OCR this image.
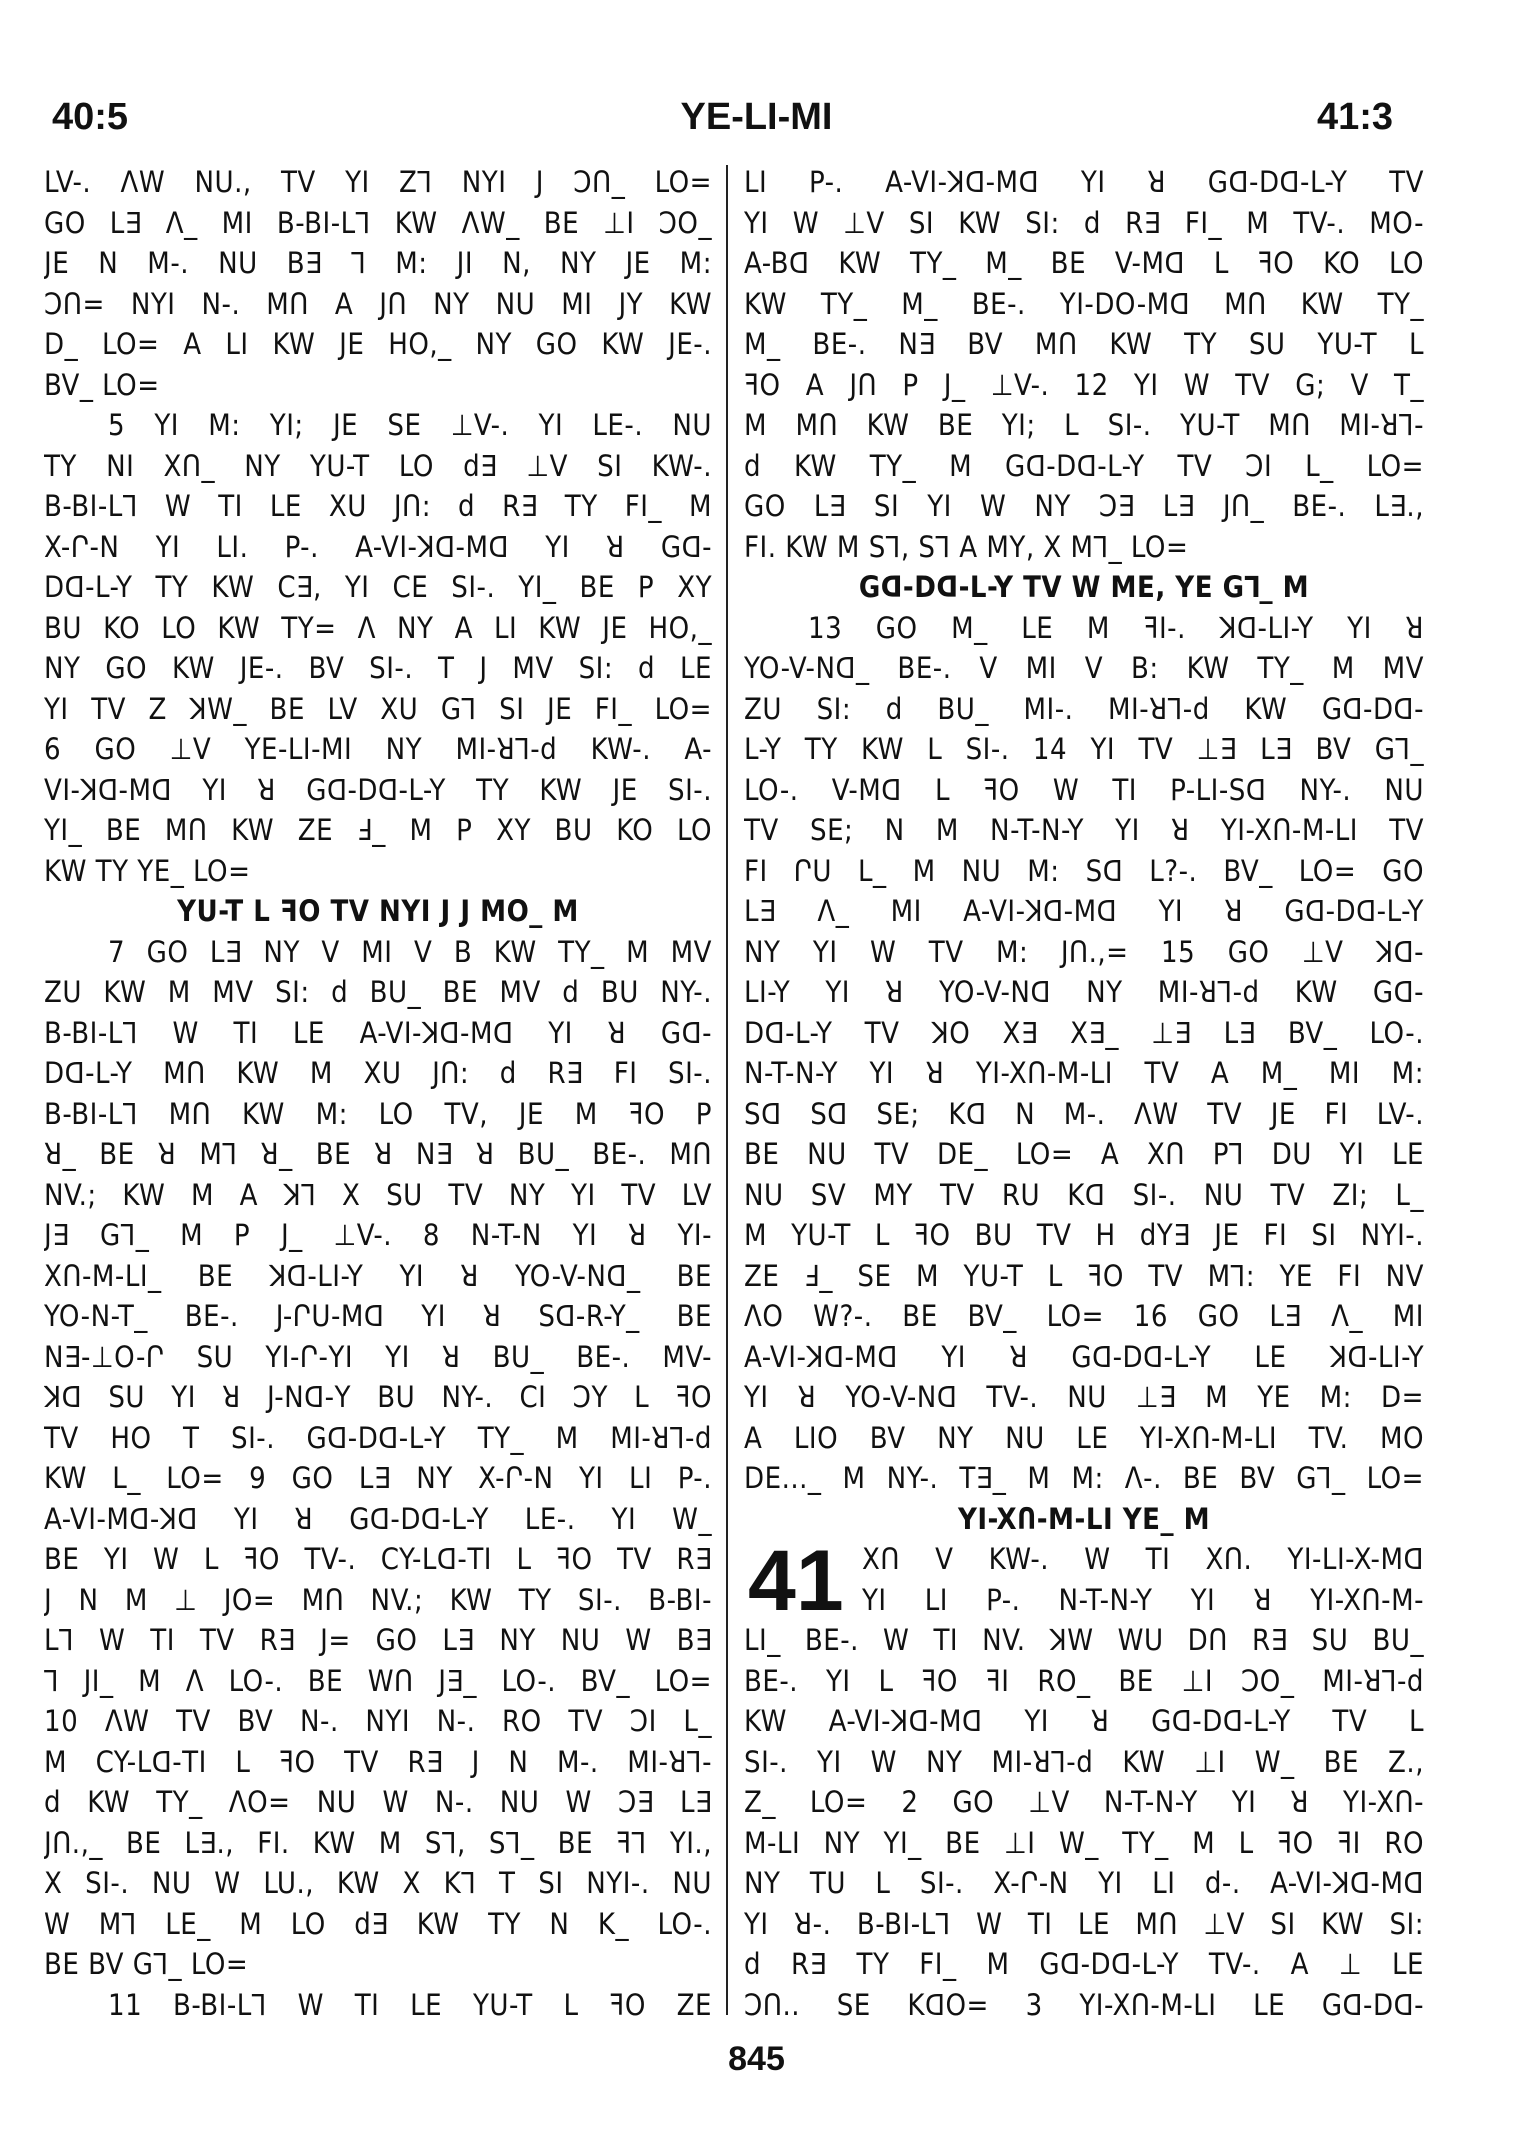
40:5	YE-LI-MI	41:3
LV-. ΛW NU., TV YI Z⅂ NYI J ϽՈ_ LO=
GO L∃ Λ_ MI B-BI-L⅂ KW ΛW_ BE ⊥I ϽO_
JE N M-. NU B∃ ⅂ M: JI N, NY JE M:
ϽՈ= NYI N-. MՈ A JՈ NY NU MI JY KW
D_ LO= A LI KW JE HO,_ NY GO KW JE-.
BV_ LO=
5 YI M: YI; JE SE ⊥V-. YI LE-. NU
TY NI XՈ_ NY YU-T LO d∃ ⊥V SI KW-.
B-BI-L⅂ W TI LE XU JՈ: d R∃ TY FI_ M
X-Ր-N YI LI. P-. A-VI-ꓘᗡ-Mᗡ YI ꓤ Gᗡ-
Dᗡ-L-Y TY KW C∃, YI CE SI-. YI_ BE P XY
BU KO LO KW TY= Λ NY A LI KW JE HO,_
NY GO KW JE-. BV SI-. T J MV SI: d LE
YI TV Z ꓘW_ BE LV XU G⅂ SI JE FI_ LO=
6 GO ⊥V YE-LI-MI NY MI-ꓤ⅂-d KW-. A-
VI-ꓘᗡ-Mᗡ YI ꓤ Gᗡ-Dᗡ-L-Y TY KW JE SI-.
YI_ BE MՈ KW ZE Ⅎ_ M P XY BU KO LO
KW TY YE_ LO=
YU-T L ꟻO TV NYI J J MO_ M
7 GO L∃ NY V MI V B KW TY_ M MV
ZU KW M MV SI: d BU_ BE MV d BU NY-.
B-BI-L⅂ W TI LE A-VI-ꓘᗡ-Mᗡ YI ꓤ Gᗡ-
Dᗡ-L-Y MՈ KW M XU JՈ: d R∃ FI SI-.
B-BI-L⅂ MՈ KW M: LO TV, JE M ꟻO P
ꓤ_ BE ꓤ M⅂ ꓤ_ BE ꓤ N∃ ꓤ BU_ BE-. MՈ
NV.; KW M A ꓘ⅂ X SU TV NY YI TV LV
J∃ G⅂_ M P J_ ⊥V-. 8 N-T-N YI ꓤ YI-
XՈ-M-LI_ BE ꓘᗡ-LI-Y YI ꓤ YO-V-Nᗡ_ BE
YO-N-T_ BE-. J-ՐU-Mᗡ YI ꓤ Sᗡ-R-Y_ BE
N∃-⊥O-Ր SU YI-Ր-YI YI ꓤ BU_ BE-. MV-
ꓘᗡ SU YI ꓤ J-Nᗡ-Y BU NY-. CI ϽY L ꟻO
TV HO T SI-. Gᗡ-Dᗡ-L-Y TY_ M MI-ꓤ⅂-d
KW L_ LO= 9 GO L∃ NY X-Ր-N YI LI P-.
A-VI-Mᗡ-ꓘᗡ YI ꓤ Gᗡ-Dᗡ-L-Y LE-. YI W_
BE YI W L ꟻO TV-. CY-Lᗡ-TI L ꟻO TV R∃
J N M ⊥ JO= MՈ NV.; KW TY SI-. B-BI-
L⅂ W TI TV R∃ J= GO L∃ NY NU W B∃
⅂ JI_ M Λ LO-. BE WՈ J∃_ LO-. BV_ LO=
10 ΛW TV BV N-. NYI N-. RO TV ϽI L_
M CY-Lᗡ-TI L ꟻO TV R∃ J N M-. MI-ꓤ⅂-
d KW TY_ ΛO= NU W N-. NU W Ͻ∃ L∃
JՈ.,_ BE L∃., FI. KW M S⅂, S⅂_ BE ꟻ⅂ YI.,
X SI-. NU W LU., KW X K⅂ T SI NYI-. NU
W M⅂ LE_ M LO d∃ KW TY N K_ LO-.
BE BV G⅂_ LO=
11 B-BI-L⅂ W TI LE YU-T L ꟻO ZE
LI P-. A-VI-ꓘᗡ-Mᗡ YI ꓤ Gᗡ-Dᗡ-L-Y TV
YI W ⊥V SI KW SI: d R∃ FI_ M TV-. MO-
A-Bᗡ KW TY_ M_ BE V-Mᗡ L ꟻO KO LO
KW TY_ M_ BE-. YI-DO-Mᗡ MՈ KW TY_
M_ BE-. N∃ BV MՈ KW TY SU YU-T L
ꟻO A JՈ P J_ ⊥V-. 12 YI W TV G; V T_
M MՈ KW BE YI; L SI-. YU-T MՈ MI-ꓤ⅂-
d KW TY_ M Gᗡ-Dᗡ-L-Y TV ϽI L_ LO=
GO L∃ SI YI W NY Ͻ∃ L∃ JՈ_ BE-. L∃.,
FI. KW M S⅂, S⅂ A MY, X M⅂_ LO=
Gᗡ-Dᗡ-L-Y TV W ME, YE G⅂_ M
13 GO M_ LE M ꟻI-. ꓘᗡ-LI-Y YI ꓤ
YO-V-Nᗡ_ BE-. V MI V B: KW TY_ M MV
ZU SI: d BU_ MI-. MI-ꓤ⅂-d KW Gᗡ-Dᗡ-
L-Y TY KW L SI-. 14 YI TV ⊥∃ L∃ BV G⅂_
LO-. V-Mᗡ L ꟻO W TI P-LI-Sᗡ NY-. NU
TV SE; N M N-T-N-Y YI ꓤ YI-XՈ-M-LI TV
FI ՐU L_ M NU M: Sᗡ L?-. BV_ LO= GO
L∃ Λ_ MI A-VI-ꓘᗡ-Mᗡ YI ꓤ Gᗡ-Dᗡ-L-Y
NY YI W TV M: JՈ.,= 15 GO ⊥V ꓘᗡ-
LI-Y YI ꓤ YO-V-Nᗡ NY MI-ꓤ⅂-d KW Gᗡ-
Dᗡ-L-Y TV ꓘO X∃ X∃_ ⊥∃ L∃ BV_ LO-.
N-T-N-Y YI ꓤ YI-XՈ-M-LI TV A M_ MI M:
Sᗡ Sᗡ SE; Kᗡ N M-. ΛW TV JE FI LV-.
BE NU TV DE_ LO= A XՈ P⅂ DU YI LE
NU SV MY TV RU Kᗡ SI-. NU TV ZI; L_
M YU-T L ꟻO BU TV H dY∃ JE FI SI NYI-.
ZE Ⅎ_ SE M YU-T L ꟻO TV M⅂: YE FI NV
ΛO W?-. BE BV_ LO= 16 GO L∃ Λ_ MI
A-VI-ꓘᗡ-Mᗡ YI ꓤ Gᗡ-Dᗡ-L-Y LE ꓘᗡ-LI-Y
YI ꓤ YO-V-Nᗡ TV-. NU ⊥∃ M YE M: D=
A LIO BV NY NU LE YI-XՈ-M-LI TV. MO
DE..._ M NY-. T∃_ M M: Λ-. BE BV G⅂_ LO=
YI-XՈ-M-LI YE_ M
41 XՈ V KW-. W TI XՈ. YI-LI-X-Mᗡ
YI LI P-. N-T-N-Y YI ꓤ YI-XՈ-M-
LI_ BE-. W TI NV. ꓘW WU DՈ R∃ SU BU_
BE-. YI L ꟻO ꟻI RO_ BE ⊥I ϽO_ MI-ꓤ⅂-d
KW A-VI-ꓘᗡ-Mᗡ YI ꓤ Gᗡ-Dᗡ-L-Y TV L
SI-. YI W NY MI-ꓤ⅂-d KW ⊥I W_ BE Z.,
Z_ LO= 2 GO ⊥V N-T-N-Y YI ꓤ YI-XՈ-
M-LI NY YI_ BE ⊥I W_ TY_ M L ꟻO ꟻI RO
NY TU L SI-. X-Ր-N YI LI d-. A-VI-ꓘᗡ-Mᗡ
YI ꓤ-. B-BI-L⅂ W TI LE MՈ ⊥V SI KW SI:
d R∃ TY FI_ M Gᗡ-Dᗡ-L-Y TV-. A ⊥ LE
ϽՈ.. SE KᗡO= 3 YI-XՈ-M-LI LE Gᗡ-Dᗡ-
845
